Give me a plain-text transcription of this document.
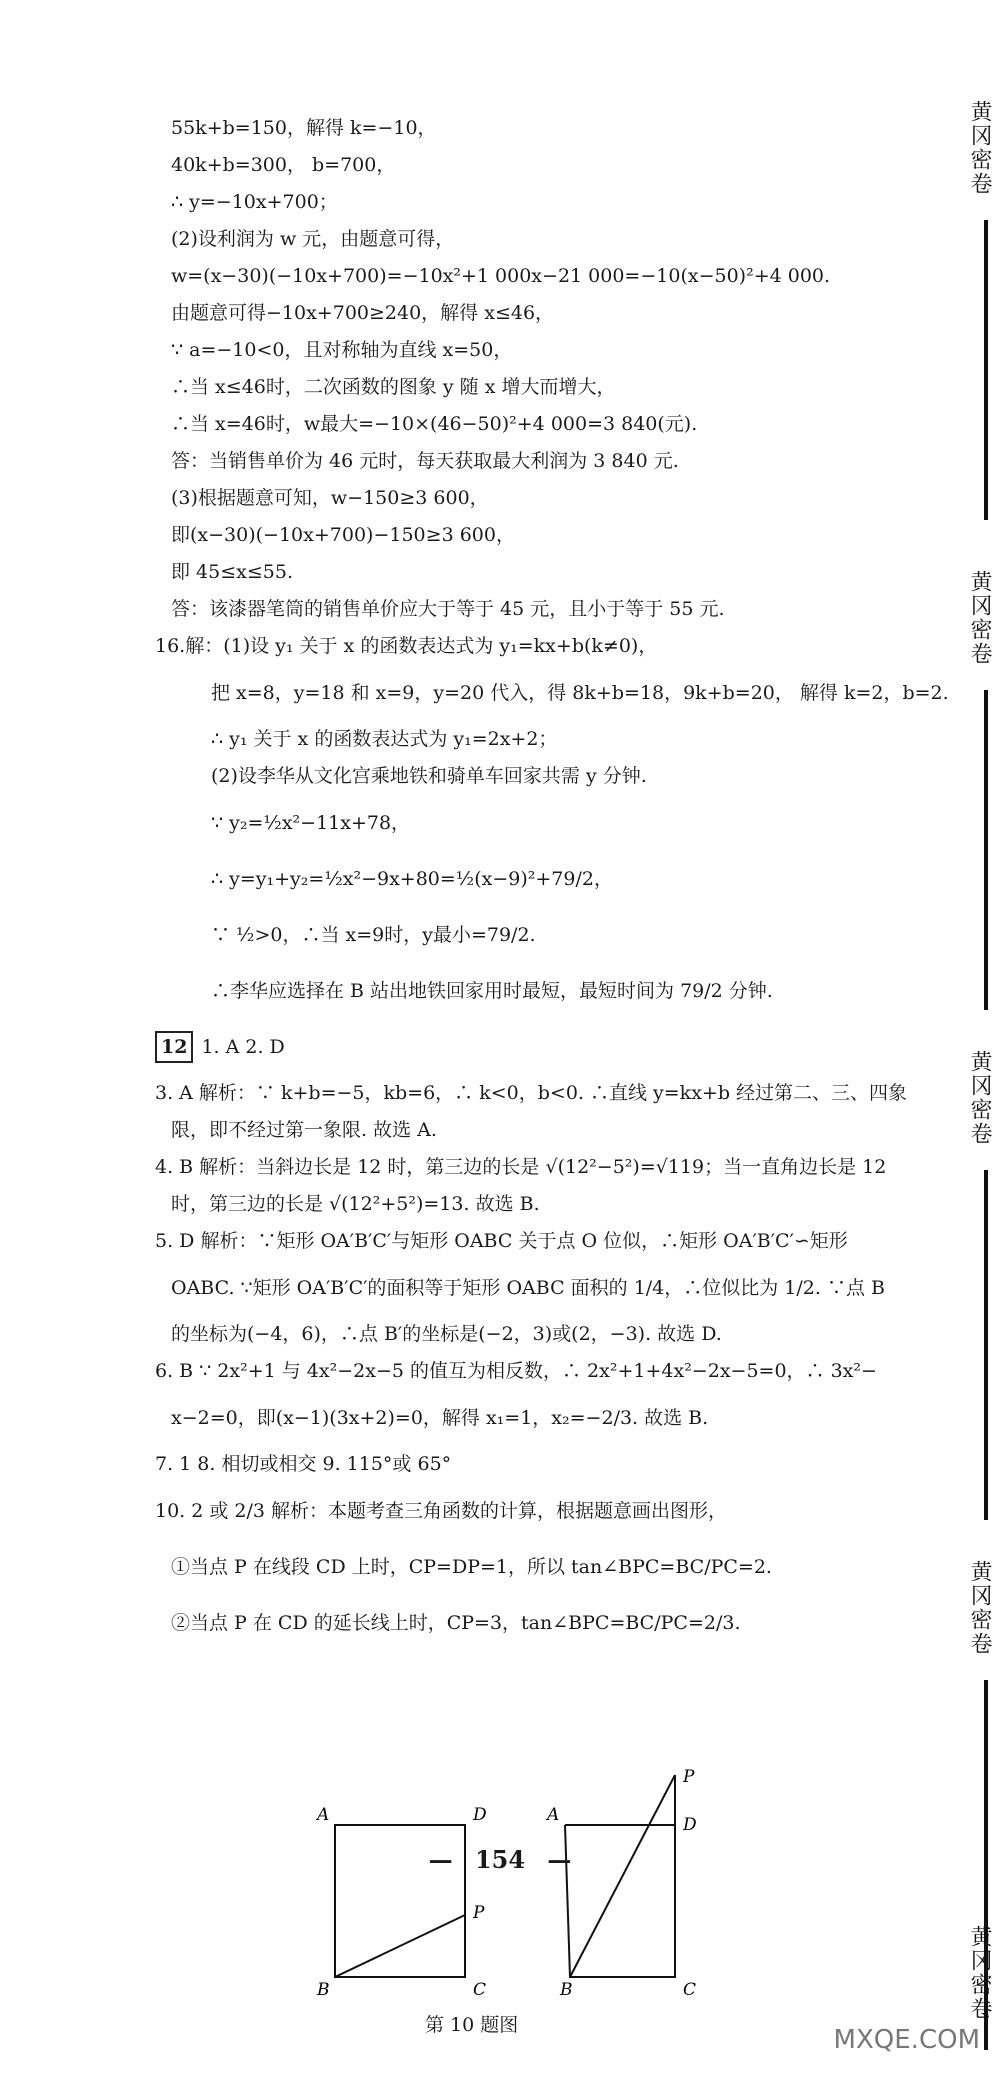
55k+b=150，解得 k=−10，
40k+b=300， b=700，
∴ y=−10x+700；
(2)设利润为 w 元，由题意可得，
w=(x−30)(−10x+700)=−10x²+1 000x−21 000=−10(x−50)²+4 000.
由题意可得−10x+700≥240，解得 x≤46，
∵ a=−10<0，且对称轴为直线 x=50，
∴当 x≤46时，二次函数的图象 y 随 x 增大而增大，
∴当 x=46时，w最大=−10×(46−50)²+4 000=3 840(元).
答：当销售单价为 46 元时，每天获取最大利润为 3 840 元.
(3)根据题意可知，w−150≥3 600，
即(x−30)(−10x+700)−150≥3 600，
即 45≤x≤55.
答：该漆器笔筒的销售单价应大于等于 45 元，且小于等于 55 元.
16.解：(1)设 y₁ 关于 x 的函数表达式为 y₁=kx+b(k≠0)，
把 x=8，y=18 和 x=9，y=20 代入，得 8k+b=18，9k+b=20， 解得 k=2，b=2.
∴ y₁ 关于 x 的函数表达式为 y₁=2x+2；
(2)设李华从文化宫乘地铁和骑单车回家共需 y 分钟.
∵ y₂=½x²−11x+78，
∴ y=y₁+y₂=½x²−9x+80=½(x−9)²+79/2，
∵ ½>0，∴当 x=9时，y最小=79/2.
∴李华应选择在 B 站出地铁回家用时最短，最短时间为 79/2 分钟.
12 1. A 2. D
3. A 解析：∵ k+b=−5，kb=6，∴ k<0，b<0. ∴直线 y=kx+b 经过第二、三、四象
限，即不经过第一象限. 故选 A.
4. B 解析：当斜边长是 12 时，第三边的长是 √(12²−5²)=√119；当一直角边长是 12
时，第三边的长是 √(12²+5²)=13. 故选 B.
5. D 解析：∵矩形 OA′B′C′与矩形 OABC 关于点 O 位似，∴矩形 OA′B′C′∽矩形
OABC. ∵矩形 OA′B′C′的面积等于矩形 OABC 面积的 1/4，∴位似比为 1/2. ∵点 B
的坐标为(−4，6)，∴点 B′的坐标是(−2，3)或(2，−3). 故选 D.
6. B ∵ 2x²+1 与 4x²−2x−5 的值互为相反数，∴ 2x²+1+4x²−2x−5=0，∴ 3x²−
x−2=0，即(x−1)(3x+2)=0，解得 x₁=1，x₂=−2/3. 故选 B.
7. 1 8. 相切或相交 9. 115°或 65°
10. 2 或 2/3 解析：本题考查三角函数的计算，根据题意画出图形，
①当点 P 在线段 CD 上时，CP=DP=1，所以 tan∠BPC=BC/PC=2.
②当点 P 在 CD 的延长线上时，CP=3，tan∠BPC=BC/PC=2/3.
A	D
P
B	C
P
A	D
B	C
第 10 题图
— 154 —
黄冈密卷
黄冈密卷
黄冈密卷
黄冈密卷
黄冈密卷
MXQE.COM
